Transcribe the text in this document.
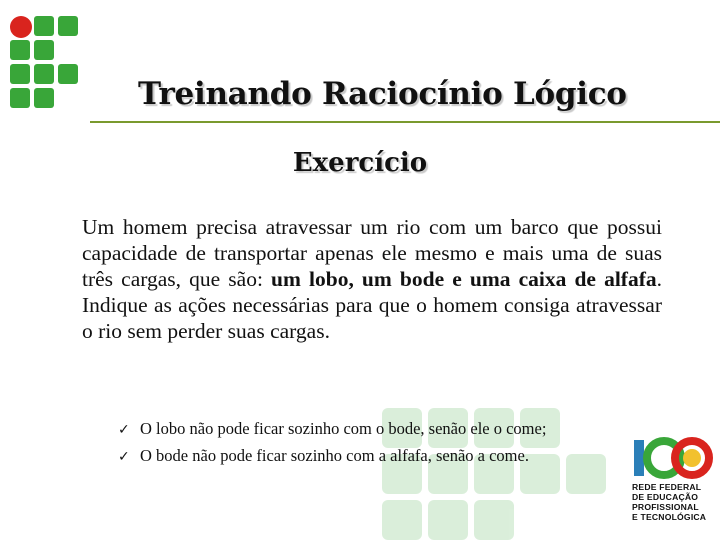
Treinando Raciocínio Lógico
Exercício
Um homem precisa atravessar um rio com um barco que possui capacidade de transportar apenas ele mesmo e mais uma de suas três cargas, que são: um lobo, um bode e uma caixa de alfafa. Indique as ações necessárias para que o homem consiga atravessar o rio sem perder suas cargas.
✓ O lobo não pode ficar sozinho com o bode, senão ele o come;
✓ O bode não pode ficar sozinho com a alfafa, senão a come.
REDE FEDERAL
DE EDUCAÇÃO
PROFISSIONAL
E TECNOLÓGICA
